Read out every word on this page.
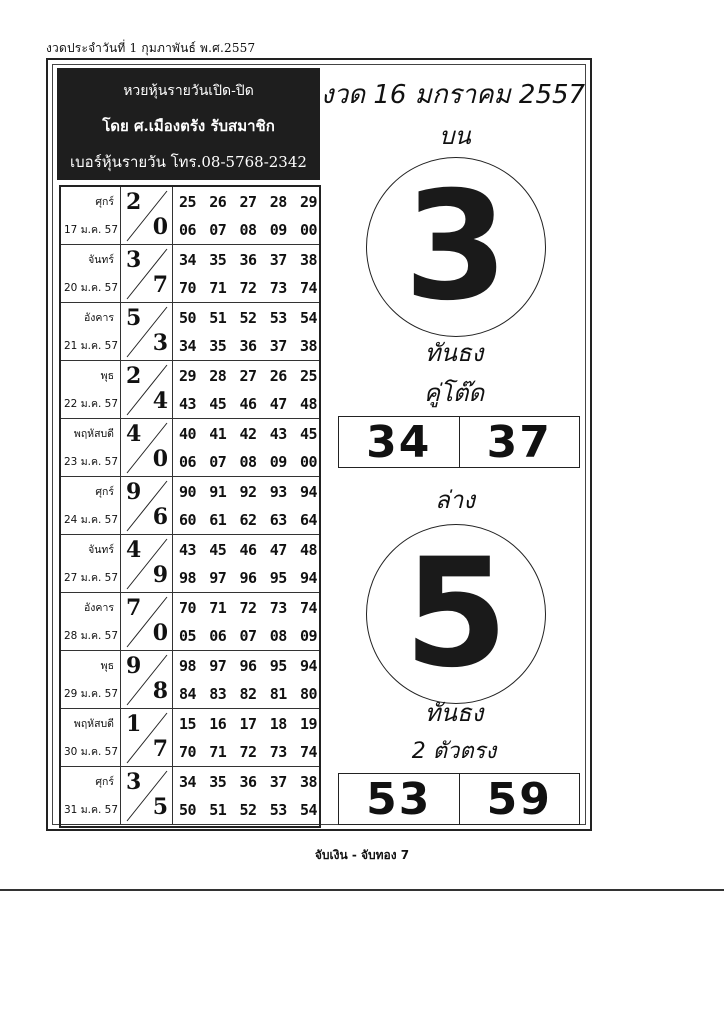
งวดประจำวันที่ 1 กุมภาพันธ์ พ.ศ.2557
หวยหุ้นรายวันเปิด-ปิด
โดย ศ.เมืองตรัง รับสมาชิก
เบอร์หุ้นรายวัน โทร.08-5768-2342
ศุกร์
17 ม.ค. 57
2
0
25 26 27 28 29
06 07 08 09 00
จันทร์
20 ม.ค. 57
3
7
34 35 36 37 38
70 71 72 73 74
อังคาร
21 ม.ค. 57
5
3
50 51 52 53 54
34 35 36 37 38
พุธ
22 ม.ค. 57
2
4
29 28 27 26 25
43 45 46 47 48
พฤหัสบดี
23 ม.ค. 57
4
0
40 41 42 43 45
06 07 08 09 00
ศุกร์
24 ม.ค. 57
9
6
90 91 92 93 94
60 61 62 63 64
จันทร์
27 ม.ค. 57
4
9
43 45 46 47 48
98 97 96 95 94
อังคาร
28 ม.ค. 57
7
0
70 71 72 73 74
05 06 07 08 09
พุธ
29 ม.ค. 57
9
8
98 97 96 95 94
84 83 82 81 80
พฤหัสบดี
30 ม.ค. 57
1
7
15 16 17 18 19
70 71 72 73 74
ศุกร์
31 ม.ค. 57
3
5
34 35 36 37 38
50 51 52 53 54
งวด 16 มกราคม 2557
บน
3
ทันธง
คู่โต๊ด
34	37
ล่าง
5
ทันธง
2 ตัวตรง
53	59
จับเงิน - จับทอง 7
